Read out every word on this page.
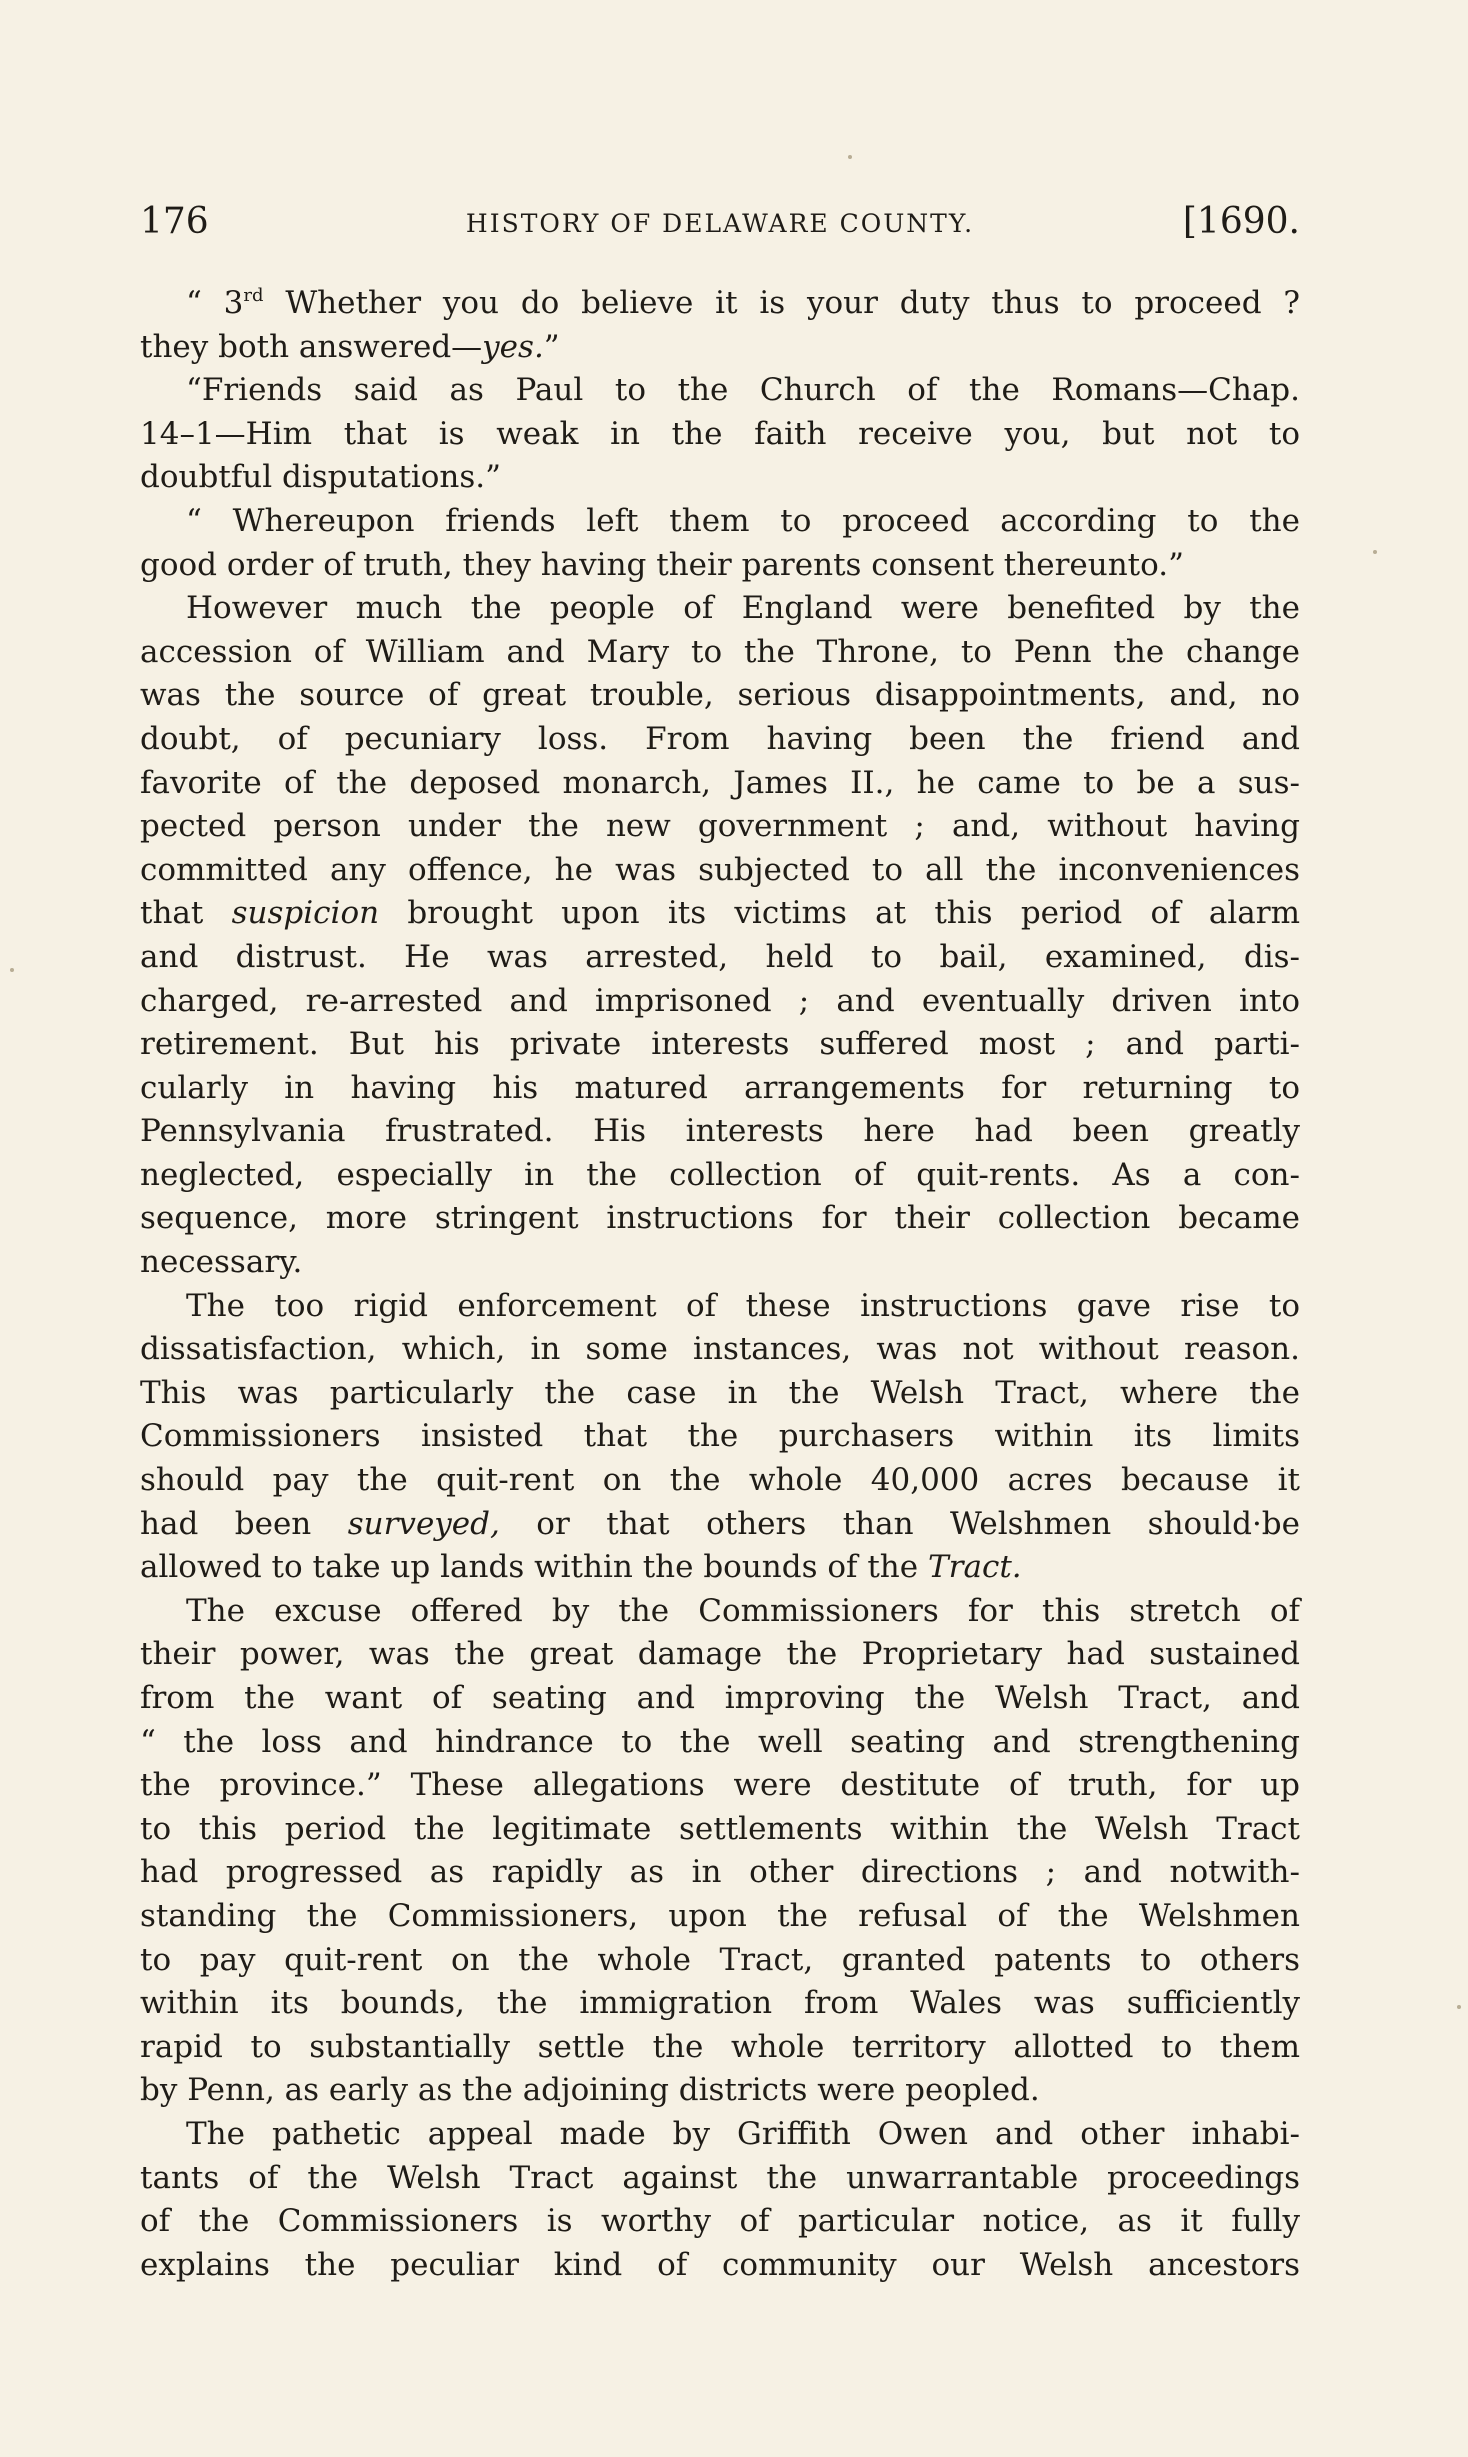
176	HISTORY OF DELAWARE COUNTY.	[1690.
“ 3rd Whether you do believe it is your duty thus to proceed ?
they both answered—yes.”
“Friends said as Paul to the Church of the Romans—Chap.
14–1—Him that is weak in the faith receive you, but not to
doubtful disputations.”
“ Whereupon friends left them to proceed according to the
good order of truth, they having their parents consent thereunto.”
However much the people of England were benefited by the
accession of William and Mary to the Throne, to Penn the change
was the source of great trouble, serious disappointments, and, no
doubt, of pecuniary loss. From having been the friend and
favorite of the deposed monarch, James II., he came to be a sus-
pected person under the new government ; and, without having
committed any offence, he was subjected to all the inconveniences
that suspicion brought upon its victims at this period of alarm
and distrust. He was arrested, held to bail, examined, dis-
charged, re-arrested and imprisoned ; and eventually driven into
retirement. But his private interests suffered most ; and parti-
cularly in having his matured arrangements for returning to
Pennsylvania frustrated. His interests here had been greatly
neglected, especially in the collection of quit-rents. As a con-
sequence, more stringent instructions for their collection became
necessary.
The too rigid enforcement of these instructions gave rise to
dissatisfaction, which, in some instances, was not without reason.
This was particularly the case in the Welsh Tract, where the
Commissioners insisted that the purchasers within its limits
should pay the quit-rent on the whole 40,000 acres because it
had been surveyed, or that others than Welshmen should·be
allowed to take up lands within the bounds of the Tract.
The excuse offered by the Commissioners for this stretch of
their power, was the great damage the Proprietary had sustained
from the want of seating and improving the Welsh Tract, and
“ the loss and hindrance to the well seating and strengthening
the province.” These allegations were destitute of truth, for up
to this period the legitimate settlements within the Welsh Tract
had progressed as rapidly as in other directions ; and notwith-
standing the Commissioners, upon the refusal of the Welshmen
to pay quit-rent on the whole Tract, granted patents to others
within its bounds, the immigration from Wales was sufficiently
rapid to substantially settle the whole territory allotted to them
by Penn, as early as the adjoining districts were peopled.
The pathetic appeal made by Griffith Owen and other inhabi-
tants of the Welsh Tract against the unwarrantable proceedings
of the Commissioners is worthy of particular notice, as it fully
explains the peculiar kind of community our Welsh ancestors
